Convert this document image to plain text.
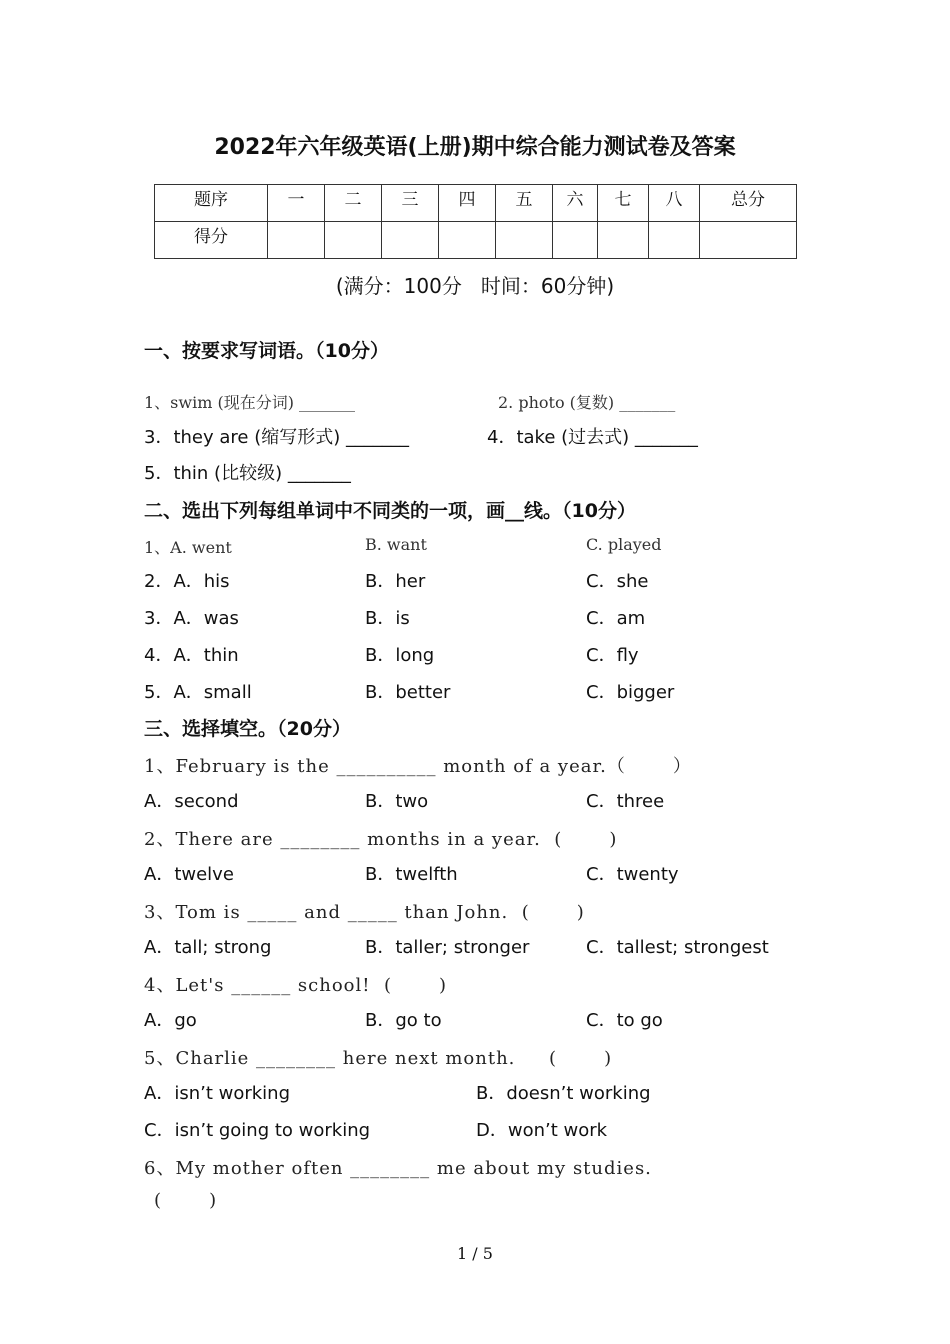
2022年六年级英语(上册)期中综合能力测试卷及答案
题序	一	二	三	四	五	六	七	八	总分
得分									
(满分：100分   时间：60分钟)
一、按要求写词语。（10分）
1、swim (现在分词) _______	2. photo (复数) _______
3．they are (缩写形式) _______	4．take (过去式) _______
5．thin (比较级) _______
二、选出下列每组单词中不同类的一项，画__线。（10分）
1、A. went	B. want	C. played
2．A．his	B．her	C．she
3．A．was	B．is	C．am
4．A．thin	B．long	C．fly
5．A．small	B．better	C．bigger
三、选择填空。（20分）
1、February is the __________ month of a year.（       ）
A．second	B．two	C．three
2、There are ________ months in a year.  (       )
A．twelve	B．twelfth	C．twenty
3、Tom is _____ and _____ than John.  (       )
A．tall; strong	B．taller; stronger	C．tallest; strongest
4、Let's ______ school!  (       )
A．go	B．go to	C．to go
5、Charlie ________ here next month.     (       )
A．isn’t working	B．doesn’t working
C．isn’t going to working	D．won’t work
6、My mother often ________ me about my studies.
(       )
1 / 5
